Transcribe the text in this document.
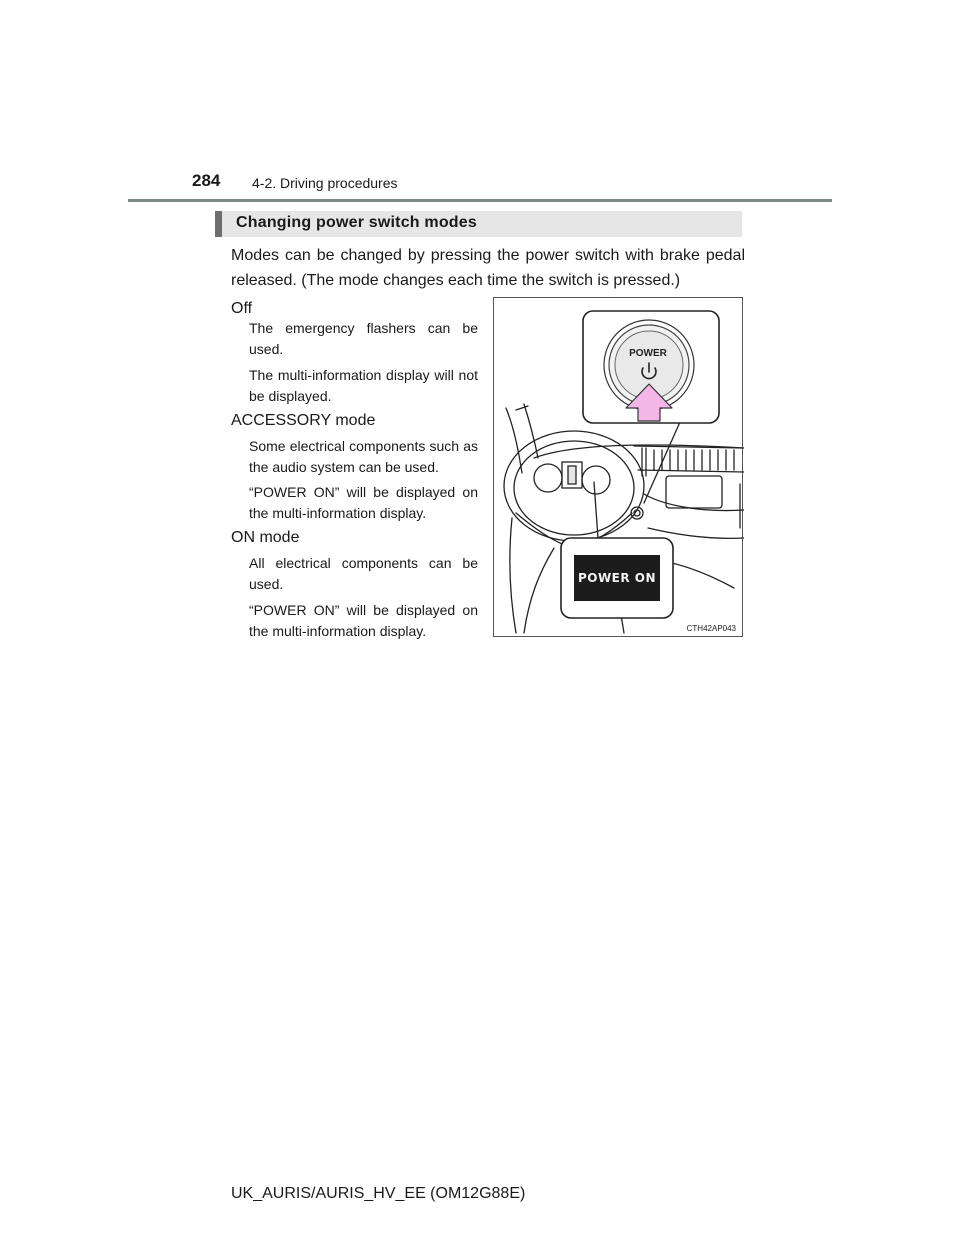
284 4-2. Driving procedures
Changing power switch modes
Modes can be changed by pressing the power switch with brake pedal released. (The mode changes each time the switch is pressed.)
Off
The emergency flashers can be used.
The multi-information display will not be displayed.
ACCESSORY mode
Some electrical components such as the audio system can be used.
“POWER ON” will be displayed on the multi-information display.
ON mode
All electrical components can be used.
“POWER ON” will be displayed on the multi-information display.
POWER
POWER ON
CTH42AP043
UK_AURIS/AURIS_HV_EE (OM12G88E)
